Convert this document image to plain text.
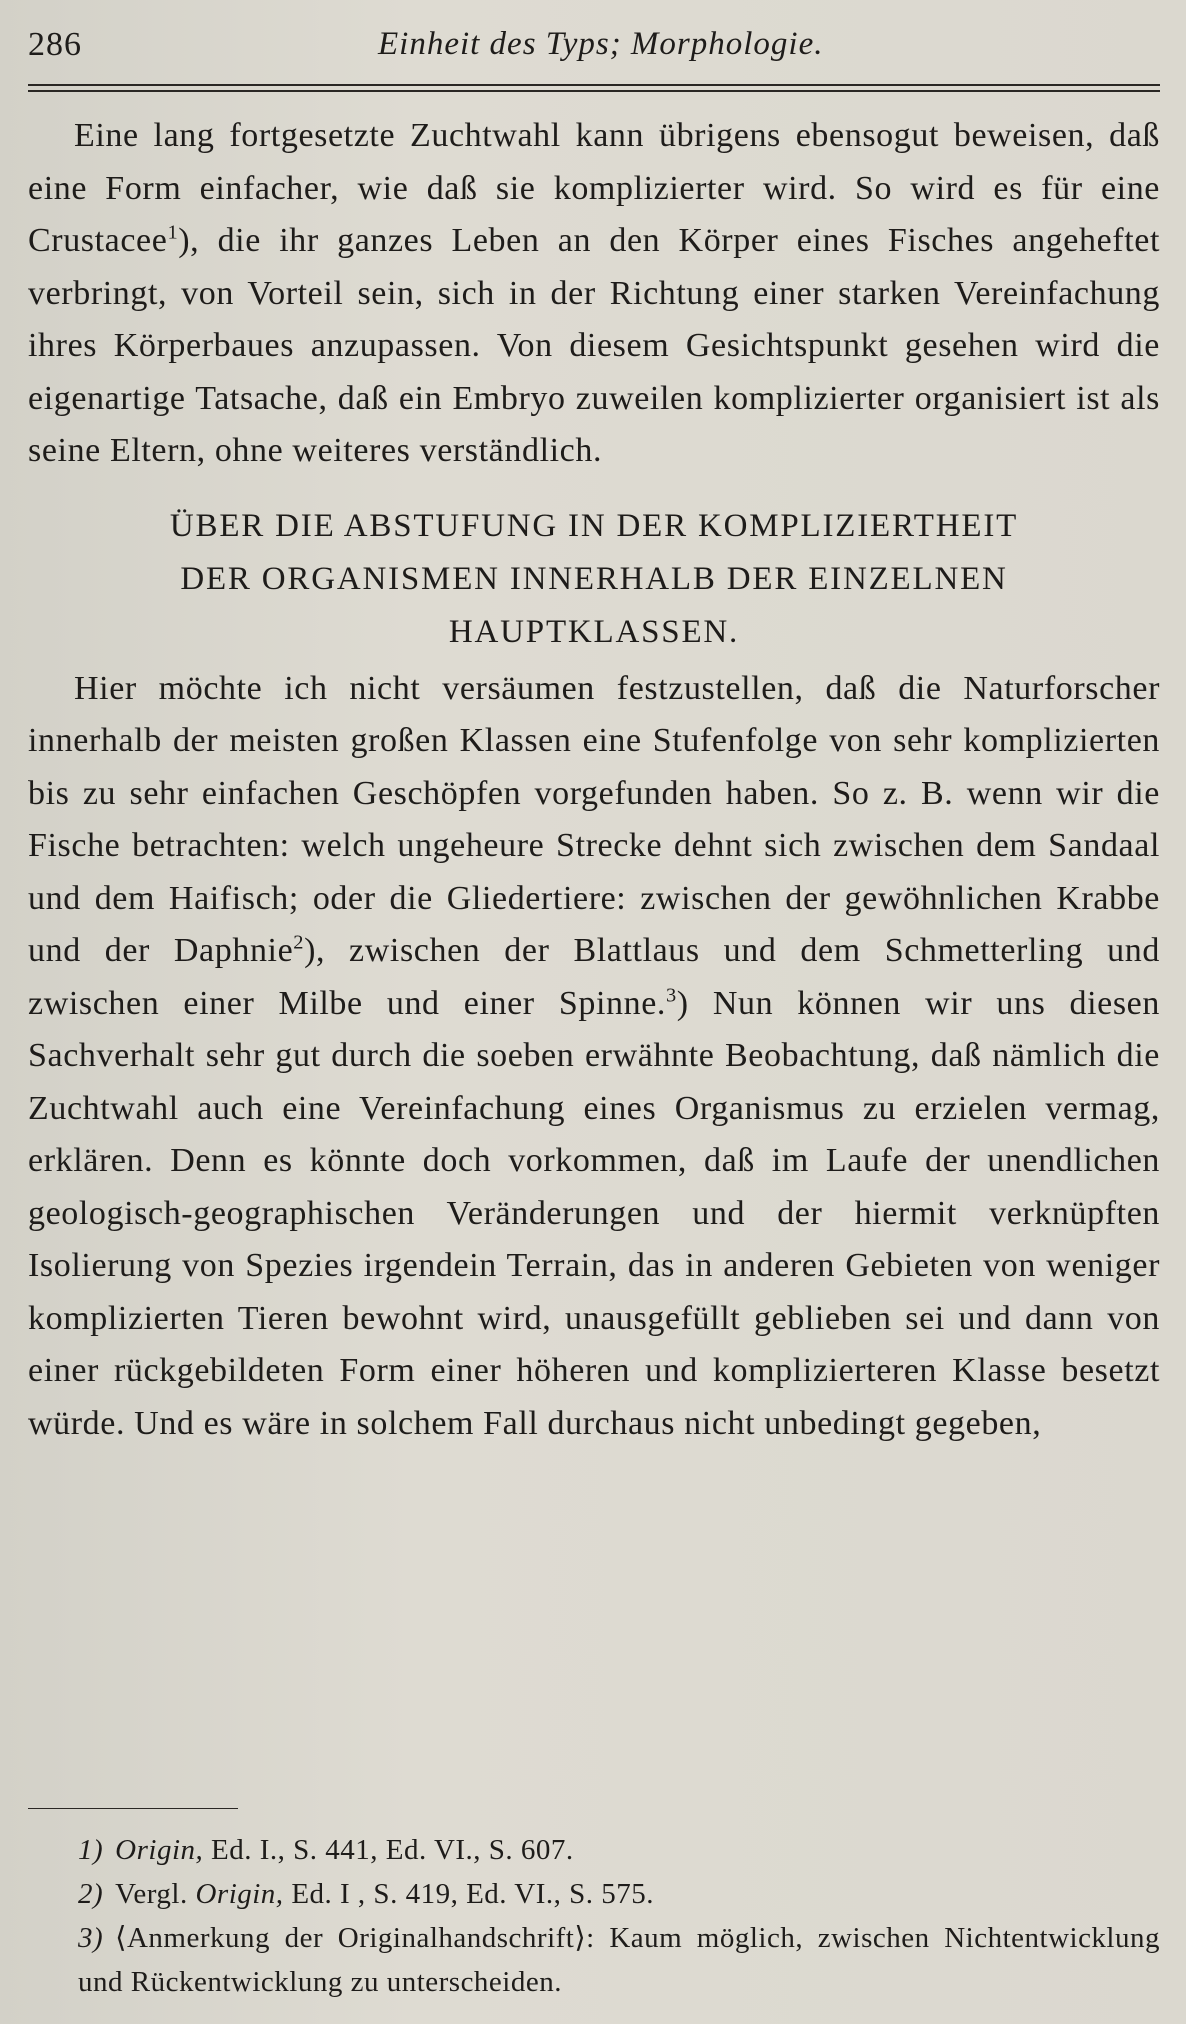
286	Einheit des Typs; Morphologie.

Eine lang fortgesetzte Zuchtwahl kann übrigens ebensogut beweisen, daß eine Form einfacher, wie daß sie komplizierter wird. So wird es für eine Crustacee$^1$), die ihr ganzes Leben an den Körper eines Fisches angeheftet verbringt, von Vorteil sein, sich in der Richtung einer starken Vereinfachung ihres Körperbaues anzupassen. Von diesem Gesichtspunkt gesehen wird die eigenartige Tatsache, daß ein Embryo zuweilen komplizierter organisiert ist als seine Eltern, ohne weiteres verständlich.

ÜBER DIE ABSTUFUNG IN DER KOMPLIZIERTHEIT
DER ORGANISMEN INNERHALB DER EINZELNEN
HAUPTKLASSEN.

Hier möchte ich nicht versäumen festzustellen, daß die Naturforscher innerhalb der meisten großen Klassen eine Stufenfolge von sehr komplizierten bis zu sehr einfachen Geschöpfen vorgefunden haben. So z. B. wenn wir die Fische betrachten: welch ungeheure Strecke dehnt sich zwischen dem Sandaal und dem Haifisch; oder die Gliedertiere: zwischen der gewöhnlichen Krabbe und der Daphnie$^2$), zwischen der Blattlaus und dem Schmetterling und zwischen einer Milbe und einer Spinne.$^3$) Nun können wir uns diesen Sachverhalt sehr gut durch die soeben erwähnte Beobachtung, daß nämlich die Zuchtwahl auch eine Vereinfachung eines Organismus zu erzielen vermag, erklären. Denn es könnte doch vorkommen, daß im Laufe der unendlichen geologisch-geographischen Veränderungen und der hiermit verknüpften Isolierung von Spezies irgendein Terrain, das in anderen Gebieten von weniger komplizierten Tieren bewohnt wird, unausgefüllt geblieben sei und dann von einer rückgebildeten Form einer höheren und komplizierteren Klasse besetzt würde. Und es wäre in solchem Fall durchaus nicht unbedingt gegeben,

1) Origin, Ed. I., S. 441, Ed. VI., S. 607.

2) Vergl. Origin, Ed. I , S. 419, Ed. VI., S. 575.

3) ⟨Anmerkung der Originalhandschrift⟩: Kaum möglich, zwischen Nichtentwicklung und Rückentwicklung zu unterscheiden.
